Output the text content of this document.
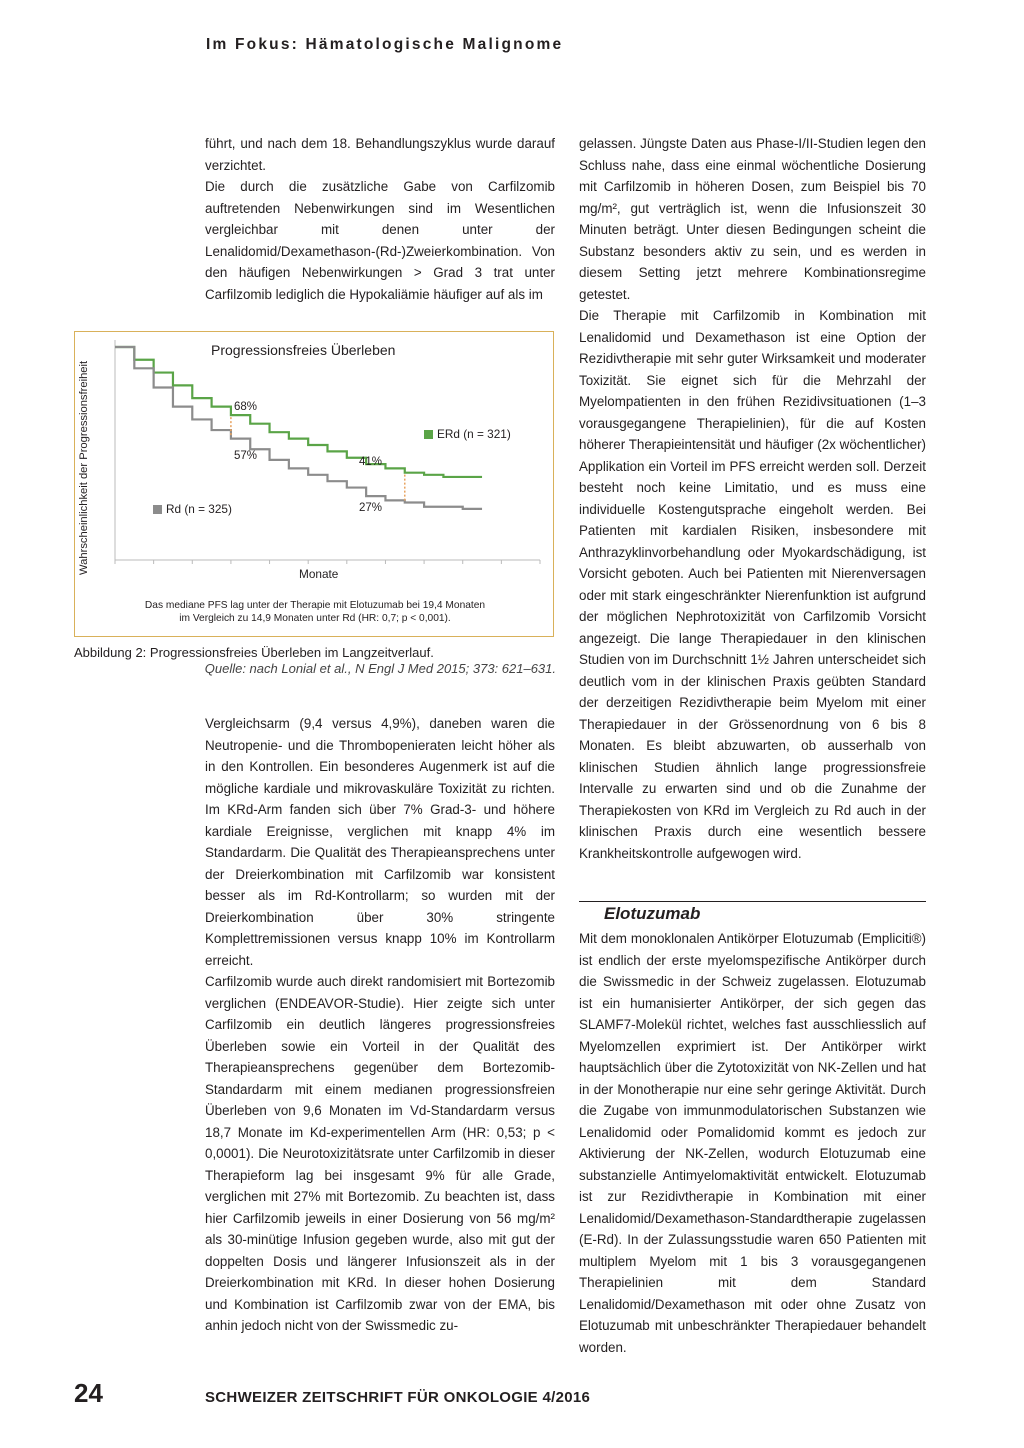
Im Fokus: Hämatologische Malignome

führt, und nach dem 18. Behandlungszyklus wurde darauf verzichtet.

Die durch die zusätzliche Gabe von Carfilzomib auftretenden Nebenwirkungen sind im Wesentlichen vergleichbar mit denen unter der Lenalidomid/Dexamethason-(Rd-)Zweierkombination. Von den häufigen Nebenwirkungen > Grad 3 trat unter Carfilzomib lediglich die Hypokaliämie häufiger auf als im

Wahrscheinlichkeit der Progressionsfreiheit
Progressionsfreies Überleben
68%
57%	41%
27%
ERd (n = 321)
Rd (n = 325)
Monate
Das mediane PFS lag unter der Therapie mit Elotuzumab bei 19,4 Monaten
im Vergleich zu 14,9 Monaten unter Rd (HR: 0,7; p < 0,001).
Abbildung 2: Progressionsfreies Überleben im Langzeitverlauf.
Quelle: nach Lonial et al., N Engl J Med 2015; 373: 621–631.

Vergleichsarm (9,4 versus 4,9%), daneben waren die Neutropenie- und die Thrombopenieraten leicht höher als in den Kontrollen. Ein besonderes Augenmerk ist auf die mögliche kardiale und mikrovaskuläre Toxizität zu richten. Im KRd-Arm fanden sich über 7% Grad-3- und höhere kardiale Ereignisse, verglichen mit knapp 4% im Standardarm. Die Qualität des Therapieansprechens unter der Dreierkombination mit Carfilzomib war konsistent besser als im Rd-Kontrollarm; so wurden mit der Dreierkombination über 30% stringente Komplettremissionen versus knapp 10% im Kontrollarm erreicht.

Carfilzomib wurde auch direkt randomisiert mit Bortezomib verglichen (ENDEAVOR-Studie). Hier zeigte sich unter Carfilzomib ein deutlich längeres progressionsfreies Überleben sowie ein Vorteil in der Qualität des Therapieansprechens gegenüber dem Bortezomib-Standardarm mit einem medianen progressionsfreien Überleben von 9,6 Monaten im Vd-Standardarm versus 18,7 Monate im Kd-experimentellen Arm (HR: 0,53; p < 0,0001). Die Neurotoxizitätsrate unter Carfilzomib in dieser Therapieform lag bei insgesamt 9% für alle Grade, verglichen mit 27% mit Bortezomib. Zu beachten ist, dass hier Carfilzomib jeweils in einer Dosierung von 56 mg/m² als 30-minütige Infusion gegeben wurde, also mit gut der doppelten Dosis und längerer Infusionszeit als in der Dreierkombination mit KRd. In dieser hohen Dosierung und Kombination ist Carfilzomib zwar von der EMA, bis anhin jedoch nicht von der Swissmedic zu-

gelassen. Jüngste Daten aus Phase-I/II-Studien legen den Schluss nahe, dass eine einmal wöchentliche Dosierung mit Carfilzomib in höheren Dosen, zum Beispiel bis 70 mg/m², gut verträglich ist, wenn die Infusionszeit 30 Minuten beträgt. Unter diesen Bedingungen scheint die Substanz besonders aktiv zu sein, und es werden in diesem Setting jetzt mehrere Kombinationsregime getestet.

Die Therapie mit Carfilzomib in Kombination mit Lenalidomid und Dexamethason ist eine Option der Rezidivtherapie mit sehr guter Wirksamkeit und moderater Toxizität. Sie eignet sich für die Mehrzahl der Myelompatienten in den frühen Rezidivsituationen (1–3 vorausgegangene Therapielinien), für die auf Kosten höherer Therapieintensität und häufiger (2x wöchentlicher) Applikation ein Vorteil im PFS erreicht werden soll. Derzeit besteht noch keine Limitatio, und es muss eine individuelle Kostengutsprache eingeholt werden. Bei Patienten mit kardialen Risiken, insbesondere mit Anthrazyklinvorbehandlung oder Myokardschädigung, ist Vorsicht geboten. Auch bei Patienten mit Nierenversagen oder mit stark eingeschränkter Nierenfunktion ist aufgrund der möglichen Nephrotoxizität von Carfilzomib Vorsicht angezeigt. Die lange Therapiedauer in den klinischen Studien von im Durchschnitt 1½ Jahren unterscheidet sich deutlich vom in der klinischen Praxis geübten Standard der derzeitigen Rezidivtherapie beim Myelom mit einer Therapiedauer in der Grössenordnung von 6 bis 8 Monaten. Es bleibt abzuwarten, ob ausserhalb von klinischen Studien ähnlich lange progressionsfreie Intervalle zu erwarten sind und ob die Zunahme der Therapiekosten von KRd im Vergleich zu Rd auch in der klinischen Praxis durch eine wesentlich bessere Krankheitskontrolle aufgewogen wird.

Elotuzumab

Mit dem monoklonalen Antikörper Elotuzumab (Empliciti®) ist endlich der erste myelomspezifische Antikörper durch die Swissmedic in der Schweiz zugelassen. Elotuzumab ist ein humanisierter Antikörper, der sich gegen das SLAMF7-Molekül richtet, welches fast ausschliesslich auf Myelomzellen exprimiert ist. Der Antikörper wirkt hauptsächlich über die Zytotoxizität von NK-Zellen und hat in der Monotherapie nur eine sehr geringe Aktivität. Durch die Zugabe von immunmodulatorischen Substanzen wie Lenalidomid oder Pomalidomid kommt es jedoch zur Aktivierung der NK-Zellen, wodurch Elotuzumab eine substanzielle Antimyelomaktivität entwickelt. Elotuzumab ist zur Rezidivtherapie in Kombination mit einer Lenalidomid/Dexamethason-Standardtherapie zugelassen (E-Rd). In der Zulassungsstudie waren 650 Patienten mit multiplem Myelom mit 1 bis 3 vorausgegangenen Therapielinien mit dem Standard Lenalidomid/Dexamethason mit oder ohne Zusatz von Elotuzumab mit unbeschränkter Therapiedauer behandelt worden.

24	SCHWEIZER ZEITSCHRIFT FÜR ONKOLOGIE 4/2016
